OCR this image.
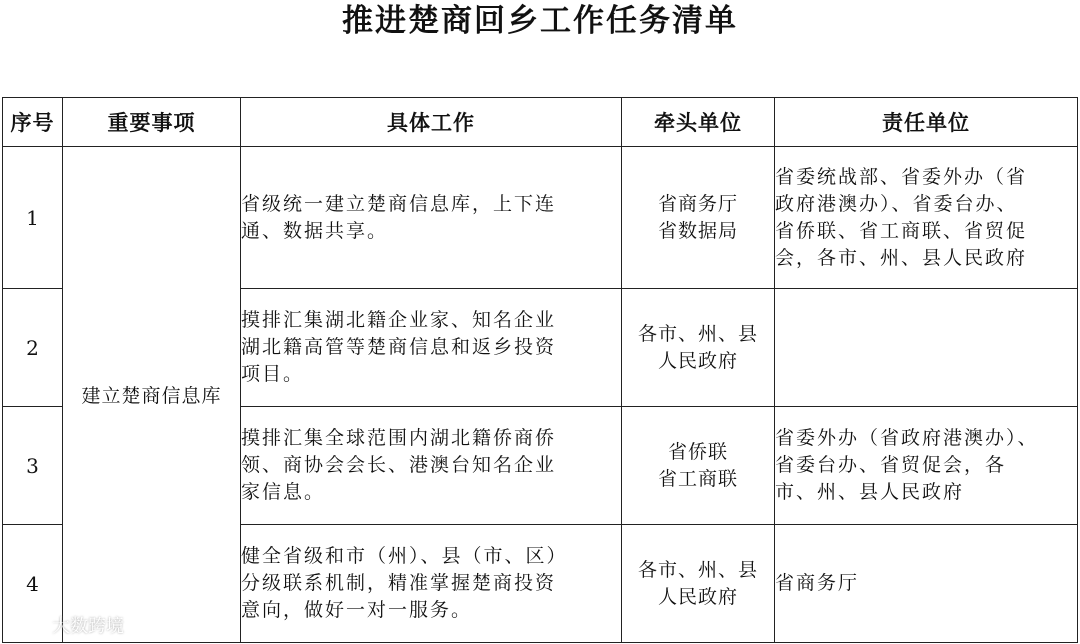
推进楚商回乡工作任务清单
序号	重要事项	具体工作	牵头单位	责任单位
1	建立楚商信息库	省级统一建立楚商信息库，上下连
通、数据共享。	省商务厅
省数据局	省委统战部、省委外办（省
政府港澳办）、省委台办、
省侨联、省工商联、省贸促
会，各市、州、县人民政府

2		摸排汇集湖北籍企业家、知名企业
湖北籍高管等楚商信息和返乡投资
项目。	各市、州、县
人民政府	

3		摸排汇集全球范围内湖北籍侨商侨
领、商协会会长、港澳台知名企业
家信息。	省侨联
省工商联	省委外办（省政府港澳办）、
省委台办、省贸促会，各
市、州、县人民政府

4		健全省级和市（州）、县（市、区）
分级联系机制，精准掌握楚商投资
意向，做好一对一服务。	各市、州、县
人民政府	省商务厅
大数跨境
